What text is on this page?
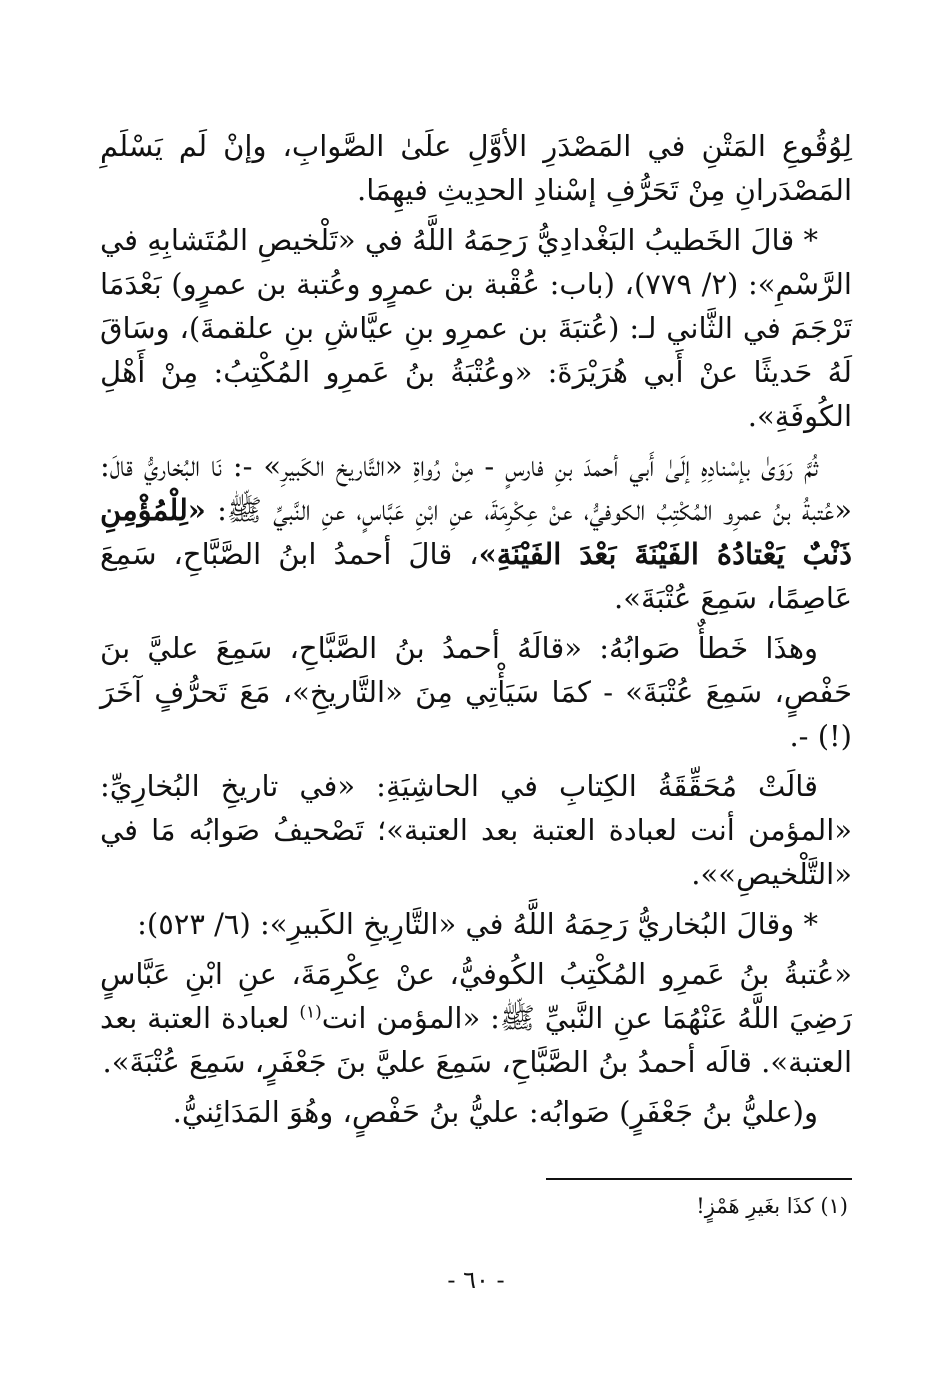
لِوُقُوعِ المَتْنِ في المَصْدَرِ الأوَّلِ علَىٰ الصَّوابِ، وإنْ لَم يَسْلَمِ المَصْدَرانِ مِنْ تَحَرُّفِ إسْنادِ الحدِيثِ فيهِمَا.

* قالَ الخَطيبُ البَغْدادِيُّ رَحِمَهُ اللَّهُ في «تَلْخيصِ المُتَشابِهِ في الرَّسْمِ»: (٢/ ٧٧٩)، (باب: عُقْبة بن عمرٍو وعُتبة بن عمرٍو) بَعْدَمَا تَرْجَمَ في الثَّاني لـ: (عُتبَةَ بن عمرِو بنِ عيَّاشِ بنِ علقمةَ)، وسَاقَ لَهُ حَديثًا عنْ أَبي هُرَيْرَةَ: «وعُتْبَةُ بنُ عَمرِو المُكْتِبُ: مِنْ أَهْلِ الكُوفَةِ».

ثُمَّ رَوَىٰ بإسْنادِهِ إلَىٰ أَبي أحمدَ بنِ فارسٍ - مِنْ رُواةِ «التَّاريخ الكَبيرِ» -: نَا البُخاريُّ قالَ: «عُتبةُ بنُ عمرِو المُكْتِبُ الكوفيُّ، عنْ عِكْرِمَةَ، عنِ ابْنِ عَبَّاسٍ، عنِ النَّبيِّ ﷺ: «لِلْمُؤْمِنِ ذَنْبٌ يَعْتادُهُ الفَيْنَةَ بَعْدَ الفَيْنَةِ»، قالَ أحمدُ ابنُ الصَّبَّاحِ، سَمِعَ عَاصِمًا، سَمِعَ عُتْبَةَ».

وهذَا خَطأٌ صَوابُهُ: «قالَهُ أحمدُ بنُ الصَّبَّاحِ، سَمِعَ عليَّ بنَ حَفْصٍ، سَمِعَ عُتْبَةَ» - كمَا سَيَأْتِي مِنَ «التَّاريخِ»، مَعَ تَحرُّفٍ آخَرَ (!) -.

قالَتْ مُحَقِّقَةُ الكِتابِ في الحاشِيَةِ: «في تاريخِ البُخارِيِّ: «المؤمن أنت لعبادة العتبة بعد العتبة»؛ تَصْحيفُ صَوابُه مَا في «التَّلْخيصِ»».

* وقالَ البُخاريُّ رَحِمَهُ اللَّهُ في «التَّارِيخِ الكَبيرِ»: (٦/ ٥٢٣):

«عُتبةُ بنُ عَمرِو المُكْتِبُ الكُوفيُّ، عنْ عِكْرِمَةَ، عنِ ابْنِ عَبَّاسٍ رَضِيَ اللَّهُ عَنْهُمَا عنِ النَّبيِّ ﷺ: «المؤمن انت$^{(١)}$ لعبادة العتبة بعد العتبة». قالَه أحمدُ بنُ الصَّبَّاحِ، سَمِعَ عليَّ بنَ جَعْفَرٍ، سَمِعَ عُتْبَةَ».

و(عليُّ بنُ جَعْفَرٍ) صَوابُه: عليُّ بنُ حَفْصٍ، وهُوَ المَدَائِنيُّ.

(١) كذَا بغَيرِ هَمْزٍ!
- ٦٠ -
